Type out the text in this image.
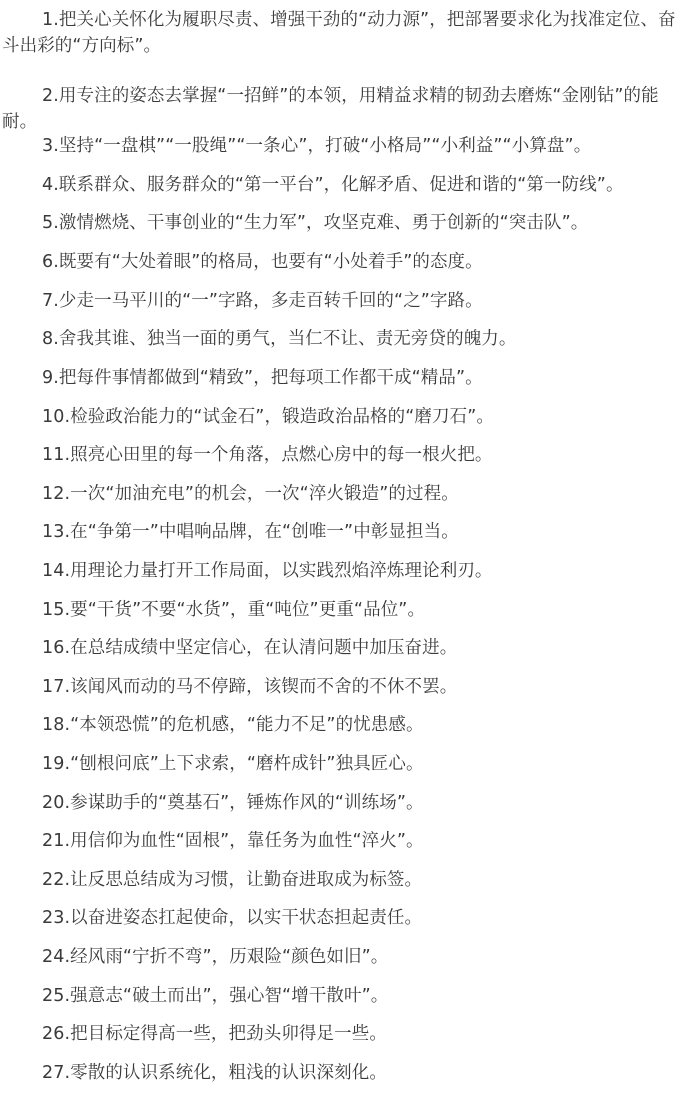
1.把关心关怀化为履职尽责、增强干劲的“动力源”，把部署要求化为找准定位、奋斗出彩的“方向标”。

2.用专注的姿态去掌握“一招鲜”的本领，用精益求精的韧劲去磨炼“金刚钻”的能耐。

3.坚持“一盘棋”“一股绳”“一条心”，打破“小格局”“小利益”“小算盘”。

4.联系群众、服务群众的“第一平台”，化解矛盾、促进和谐的“第一防线”。

5.激情燃烧、干事创业的“生力军”，攻坚克难、勇于创新的“突击队”。

6.既要有“大处着眼”的格局，也要有“小处着手”的态度。

7.少走一马平川的“一”字路，多走百转千回的“之”字路。

8.舍我其谁、独当一面的勇气，当仁不让、责无旁贷的魄力。

9.把每件事情都做到“精致”，把每项工作都干成“精品”。

10.检验政治能力的“试金石”，锻造政治品格的“磨刀石”。

11.照亮心田里的每一个角落，点燃心房中的每一根火把。

12.一次“加油充电”的机会，一次“淬火锻造”的过程。

13.在“争第一”中唱响品牌，在“创唯一”中彰显担当。

14.用理论力量打开工作局面，以实践烈焰淬炼理论利刃。

15.要“干货”不要“水货”，重“吨位”更重“品位”。

16.在总结成绩中坚定信心，在认清问题中加压奋进。

17.该闻风而动的马不停蹄，该锲而不舍的不休不罢。

18.“本领恐慌”的危机感，“能力不足”的忧患感。

19.“刨根问底”上下求索，“磨杵成针”独具匠心。

20.参谋助手的“奠基石”，锤炼作风的“训练场”。

21.用信仰为血性“固根”，靠任务为血性“淬火”。

22.让反思总结成为习惯，让勤奋进取成为标签。

23.以奋进姿态扛起使命，以实干状态担起责任。

24.经风雨“宁折不弯”，历艰险“颜色如旧”。

25.强意志“破土而出”，强心智“增干散叶”。

26.把目标定得高一些，把劲头卯得足一些。

27.零散的认识系统化，粗浅的认识深刻化。
